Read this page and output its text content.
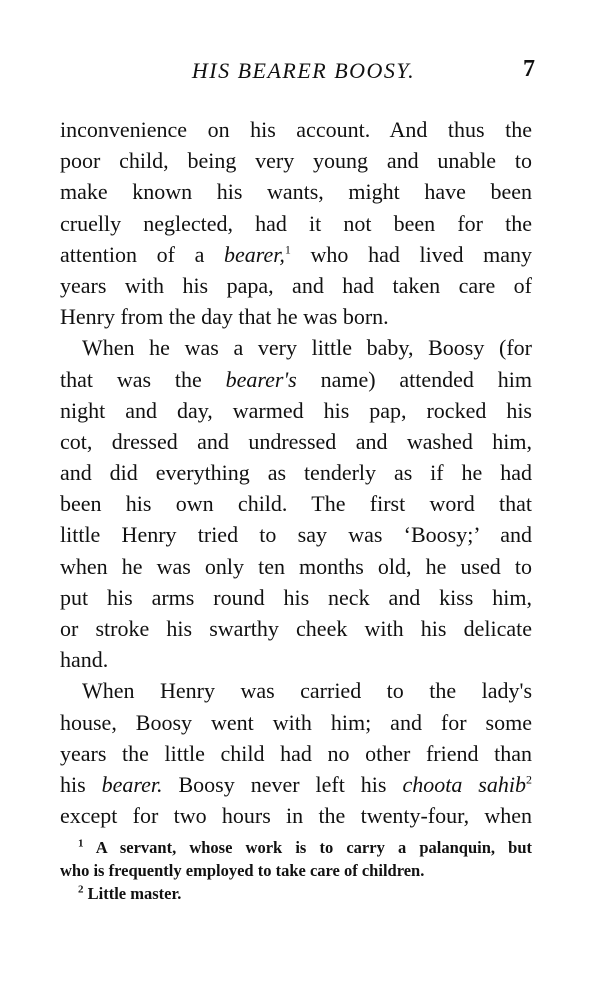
HIS BEARER BOOSY.	7
inconvenience on his account. And thus the
poor child, being very young and unable to
make known his wants, might have been
cruelly neglected, had it not been for the
attention of a bearer,$^1$ who had lived many
years with his papa, and had taken care of
Henry from the day that he was born.
When he was a very little baby, Boosy (for
that was the bearer's name) attended him
night and day, warmed his pap, rocked his
cot, dressed and undressed and washed him,
and did everything as tenderly as if he had
been his own child. The first word that
little Henry tried to say was ‘Boosy;’ and
when he was only ten months old, he used to
put his arms round his neck and kiss him,
or stroke his swarthy cheek with his delicate
hand.
When Henry was carried to the lady's
house, Boosy went with him; and for some
years the little child had no other friend than
his bearer. Boosy never left his choota sahib$^2$
except for two hours in the twenty-four, when
$^1$ A servant, whose work is to carry a palanquin, but
who is frequently employed to take care of children.
$^2$ Little master.
